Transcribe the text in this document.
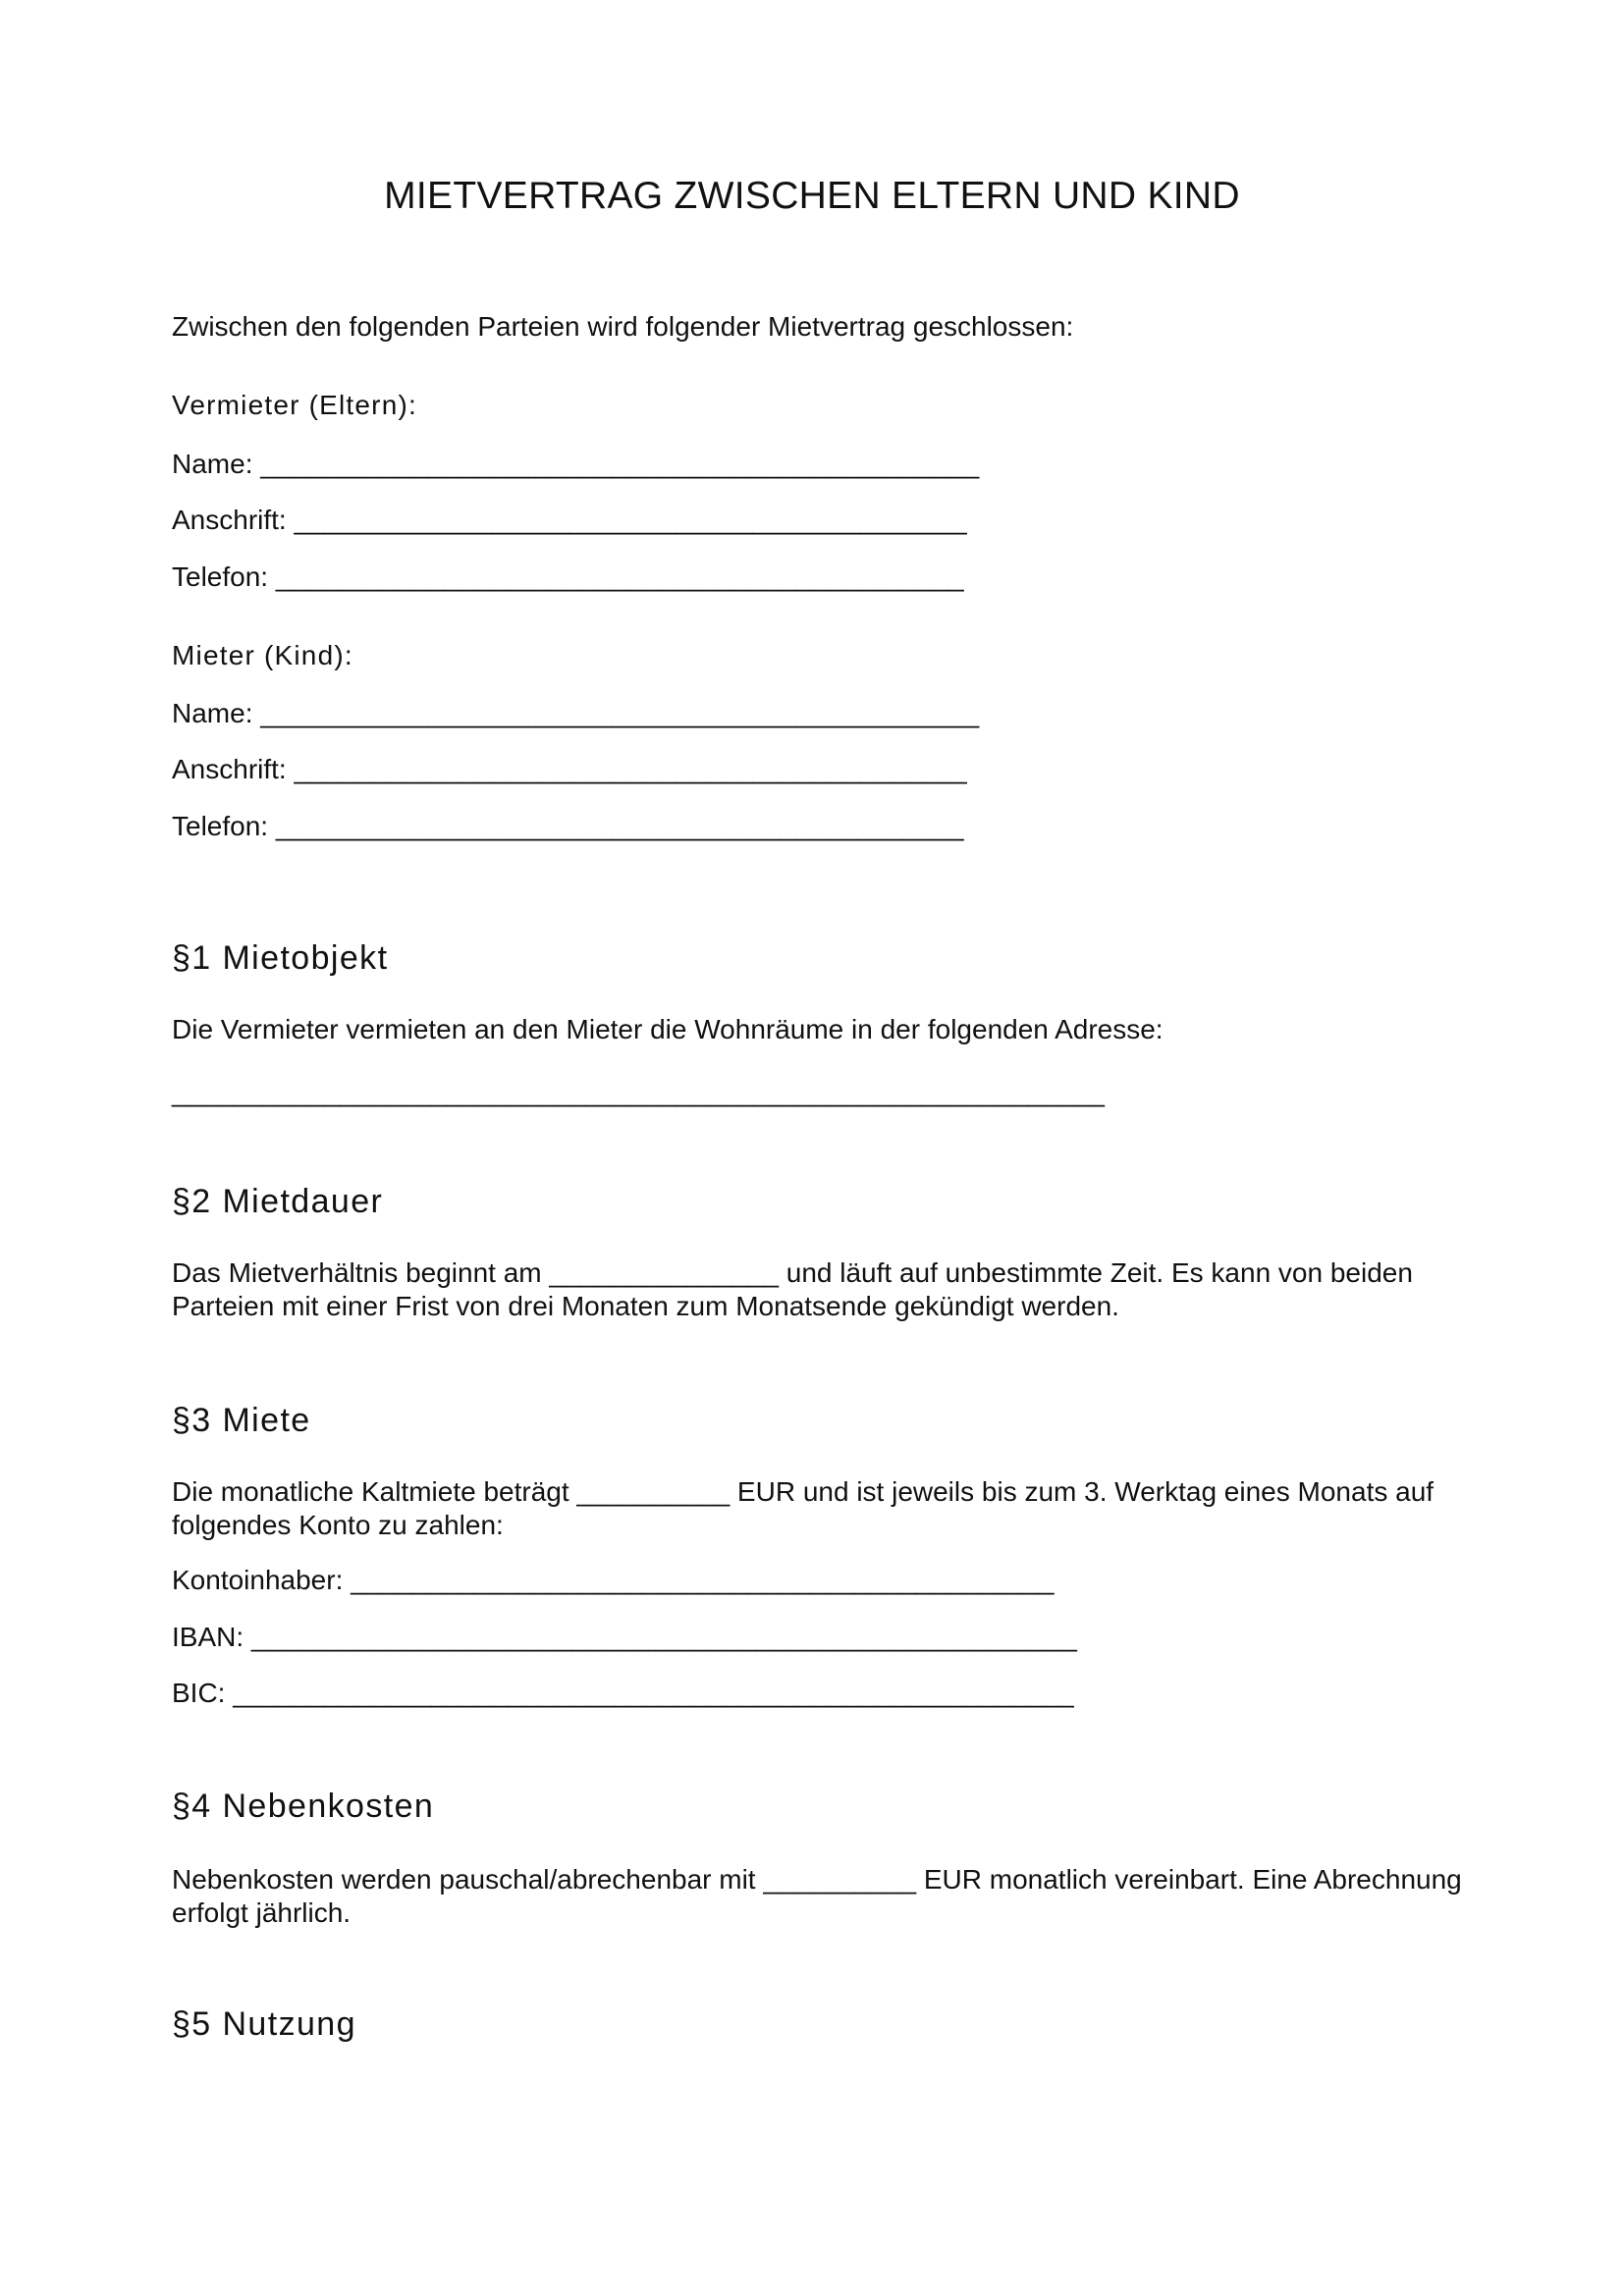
MIETVERTRAG ZWISCHEN ELTERN UND KIND

Zwischen den folgenden Parteien wird folgender Mietvertrag geschlossen:

Vermieter (Eltern):

Name: _______________________________________________

Anschrift: ____________________________________________

Telefon: _____________________________________________

Mieter (Kind):

Name: _______________________________________________

Anschrift: ____________________________________________

Telefon: _____________________________________________

§1 Mietobjekt

Die Vermieter vermieten an den Mieter die Wohnräume in der folgenden Adresse:

_____________________________________________________________

§2 Mietdauer

Das Mietverhältnis beginnt am _______________ und läuft auf unbestimmte Zeit. Es kann von beiden Parteien mit einer Frist von drei Monaten zum Monatsende gekündigt werden.

§3 Miete

Die monatliche Kaltmiete beträgt __________ EUR und ist jeweils bis zum 3. Werktag eines Monats auf folgendes Konto zu zahlen:

Kontoinhaber: ______________________________________________

IBAN: ______________________________________________________

BIC: _______________________________________________________

§4 Nebenkosten

Nebenkosten werden pauschal/abrechenbar mit __________ EUR monatlich vereinbart. Eine Abrechnung erfolgt jährlich.

§5 Nutzung
